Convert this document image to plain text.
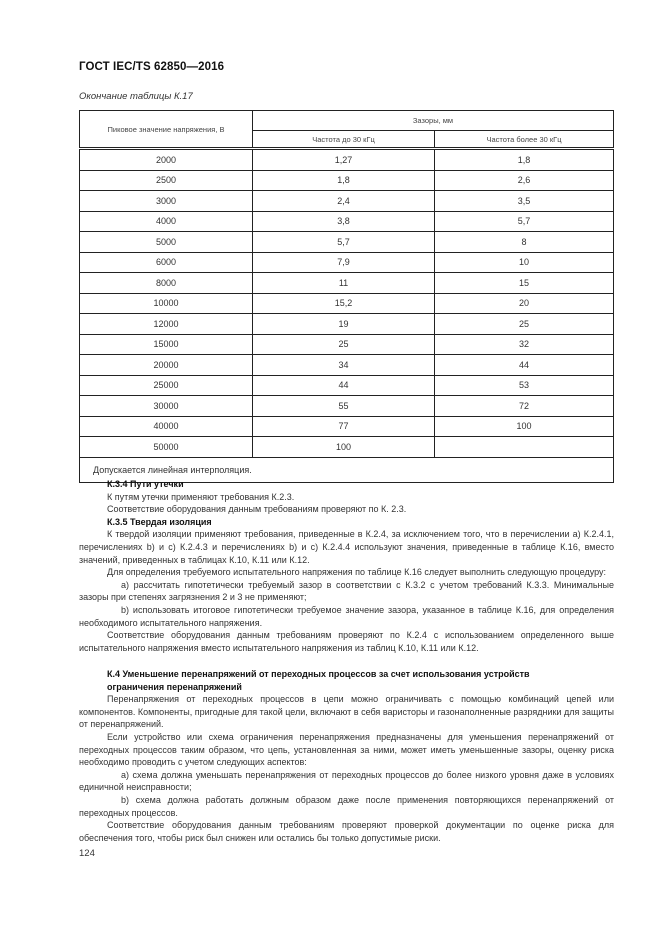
ГОСТ IEC/TS 62850—2016
Окончание таблицы К.17
Пиковое значение напряжения, В	Зазоры, мм	
	Частота до 30 кГц	Частота более 30 кГц
2000	1,27	1,8
2500	1,8	2,6
3000	2,4	3,5
4000	3,8	5,7
5000	5,7	8
6000	7,9	10
8000	11	15
10000	15,2	20
12000	19	25
15000	25	32
20000	34	44
25000	44	53
30000	55	72
40000	77	100
50000	100	
Допускается линейная интерполяция.		

К.3.4 Пути утечки

К путям утечки применяют требования К.2.3.

Соответствие оборудования данным требованиям проверяют по К. 2.3.

К.3.5 Твердая изоляция

К твердой изоляции применяют требования, приведенные в К.2.4, за исключением того, что в перечислении а) К.2.4.1, перечислениях b) и с) К.2.4.3 и перечислениях b) и с) К.2.4.4 используют значения, приведенные в таблице К.16, вместо значений, приведенных в таблицах К.10, К.11 или К.12.

Для определения требуемого испытательного напряжения по таблице К.16 следует выполнить следующую процедуру:

а) рассчитать гипотетически требуемый зазор в соответствии с К.3.2 с учетом требований К.3.3. Минимальные зазоры при степенях загрязнения 2 и 3 не применяют;

b) использовать итоговое гипотетически требуемое значение зазора, указанное в таблице К.16, для определения необходимого испытательного напряжения.

Соответствие оборудования данным требованиям проверяют по К.2.4 с использованием определенного выше испытательного напряжения вместо испытательного напряжения из таблиц К.10, К.11 или К.12.

К.4 Уменьшение перенапряжений от переходных процессов за счет использования устройств
ограничения перенапряжений

Перенапряжения от переходных процессов в цепи можно ограничивать с помощью комбинаций цепей или компонентов. Компоненты, пригодные для такой цели, включают в себя варисторы и газонаполненные разрядники для защиты от перенапряжений.

Если устройство или схема ограничения перенапряжения предназначены для уменьшения перенапряжений от переходных процессов таким образом, что цепь, установленная за ними, может иметь уменьшенные зазоры, оценку риска необходимо проводить с учетом следующих аспектов:

а) схема должна уменьшать перенапряжения от переходных процессов до более низкого уровня даже в условиях единичной неисправности;

b) схема должна работать должным образом даже после применения повторяющихся перенапряжений от переходных процессов.

Соответствие оборудования данным требованиям проверяют проверкой документации по оценке риска для обеспечения того, чтобы риск был снижен или остались бы только допустимые риски.

124
